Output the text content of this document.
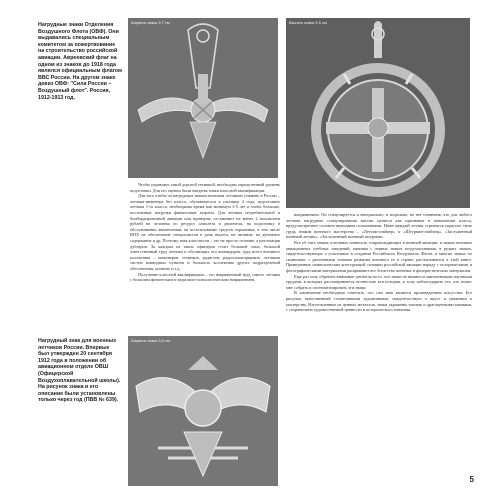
Нагрудные знаки Отделения Воздушного Флота (ОВФ). Они выдавались специальным комитетом за пожертвование на строительство российской авиации. Авреевский флаг на одном из знаков до 1918 года являлся официальным флагом ВВС России. На другом знаке девиз ОВФ: "Сила России – Воздушный флот". Россия, 1912-1913 год.
Ширина знака 5,7 см	Высота знака 5,5 см
Ширина знака 5,5 см
Нагрудный знак для военных летчиков России. Впервые был утвержден 20 сентября 1912 года в положении об авиационном отделе ОВШ (Офицерской Воздухоплавательной школы). На рисунок знака и его описание были установлены только через год (ПВВ № 639).

Чтобы управлять такой дорогой техникой, необходим определенный уровень подготовки. Для его оценки были введены знаки классной квалификации.

Для того чтобы по нагрудным знакам военным летчикам узнавать в России – летчика-инженера без класса, обучающегося в училище 4 года, подготовить летчика 1-го класса, необходимы время как минимум 3-5 лет и очень большие, постоянные нагрузки финансовые затраты. Для летчика истребительной и бомбардировочной авиации они примерно составляют не менее 2 миллионов рублей на человека по ресурсу самолета и двигателя, на подготовку в обслуживании авиатехники, на использование средств поражения, в том числе ВПХ на обеспечение специалистов в день вылета, на питание, на денежное содержание и др. Поэтому знак классности – это не просто отличие, а реализация дублеров. За каждым из таких офицеров стоит большой опыт, большой ответственный труд летчика и обучающих его командиров, труд всего военного коллектива – инженеров, техников, радистов, радиолокаторщиков, летчиков систем командных пунктов и большого коллектива других подразделений обеспечения, понятно и т.д.

Получение классной квалификации – это напряженный труд самого летчика с большим физическим и морально-психологическим напряжением.

напряжением. Он стимулируется и материально, и морально, но нет сомнения, что для любого летчика нагрудные стимулирования высоко ценится как признание в повышении класса, предусмотренное соответствующими положениями. Ниже каждый летчик стремится украсить свою грудь знаком военного мастерства – «Летчик-снайпер» и «Штурман-снайпер», «Заслуженный военный летчик», «Заслуженный военный штурман».

Все об этих знаках основных символов, сопровождающих в военной авиации, и знаках военных авиационных учебных заведений, начиная с первых знаков воздухоплавания, в редких знаках, свидетельствующих о участниках в создании Российского Воздушного Флота, и многих знаках по символике, с различными этапами развития военного ее в стране, рассказывается в этой книге. Приведенные символические конструкций. позиции российской авиации наряду с историческими и фотографическими материалами раскрывают все богатство военных и фалеристических материалов.

Еще раз хочу обратить внимание читателя на то, что знаки не являются законченными научными трудами, в которых рассматривается полностью вся история, и хочу поблагодарить тех, кто помог мне собрать и систематизировать эти знаки.

В заключение необходимо отметить, что сам знак является произведением искусства. Его рисунок, выполненный талантливыми художниками, свидетельствует о вкусе и уважении к мастерству. Изготовленные из ценных металлов, знаки украшены эмалью и драгоценными камнями, с сохранением художественной ценности и исторического значения.

5
